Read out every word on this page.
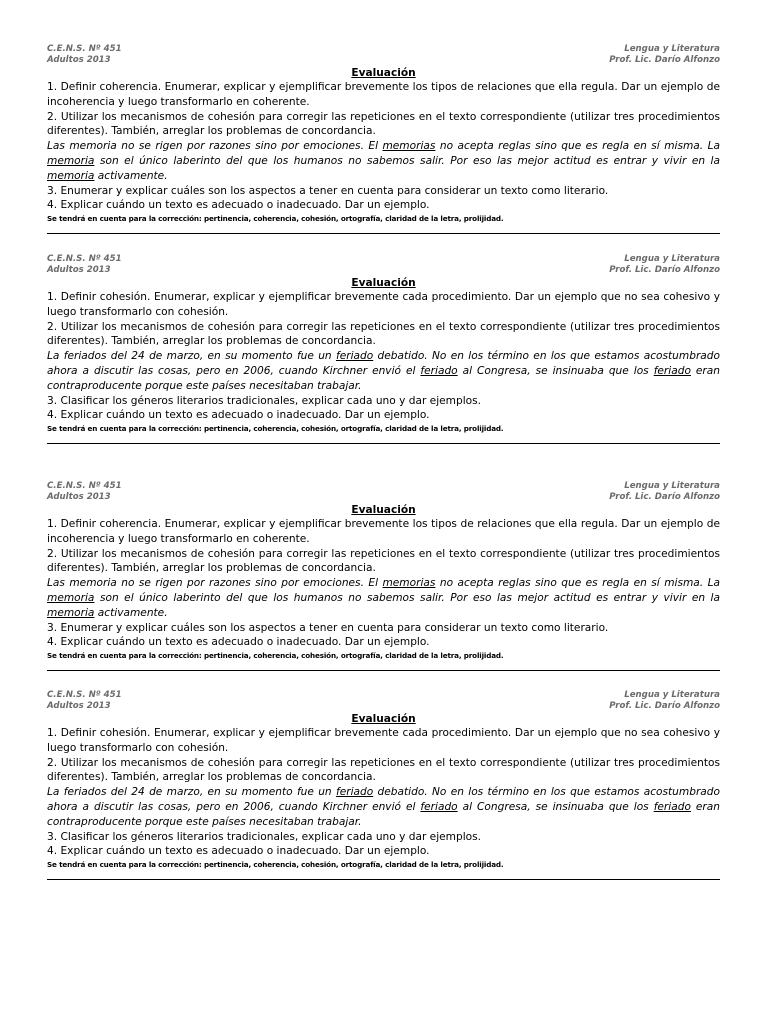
C.E.N.S. Nº 451
Adultos 2013
Lengua y Literatura
Prof. Lic. Darío Alfonzo
Evaluación

1. Definir coherencia. Enumerar, explicar y ejemplificar brevemente los tipos de relaciones que ella regula. Dar un ejemplo de incoherencia y luego transformarlo en coherente.

2. Utilizar los mecanismos de cohesión para corregir las repeticiones en el texto correspondiente (utilizar tres procedimientos diferentes). También, arreglar los problemas de concordancia.

Las memoria no se rigen por razones sino por emociones. El memorias no acepta reglas sino que es regla en sí misma. La memoria son el único laberinto del que los humanos no sabemos salir. Por eso las mejor actitud es entrar y vivir en la memoria activamente.

3. Enumerar y explicar cuáles son los aspectos a tener en cuenta para considerar un texto como literario.

4. Explicar cuándo un texto es adecuado o inadecuado. Dar un ejemplo.

Se tendrá en cuenta para la corrección: pertinencia, coherencia, cohesión, ortografía, claridad de la letra, prolijidad.
C.E.N.S. Nº 451
Adultos 2013
Lengua y Literatura
Prof. Lic. Darío Alfonzo
Evaluación

1. Definir cohesión. Enumerar, explicar y ejemplificar brevemente cada procedimiento. Dar un ejemplo que no sea cohesivo y luego transformarlo con cohesión.

2. Utilizar los mecanismos de cohesión para corregir las repeticiones en el texto correspondiente (utilizar tres procedimientos diferentes). También, arreglar los problemas de concordancia.

La feriados del 24 de marzo, en su momento fue un feriado debatido. No en los término en los que estamos acostumbrado ahora a discutir las cosas, pero en 2006, cuando Kirchner envió el feriado al Congresa, se insinuaba que los feriado eran contraproducente porque este países necesitaban trabajar.

3. Clasificar los géneros literarios tradicionales, explicar cada uno y dar ejemplos.

4. Explicar cuándo un texto es adecuado o inadecuado. Dar un ejemplo.

Se tendrá en cuenta para la corrección: pertinencia, coherencia, cohesión, ortografía, claridad de la letra, prolijidad.
C.E.N.S. Nº 451
Adultos 2013
Lengua y Literatura
Prof. Lic. Darío Alfonzo
Evaluación

1. Definir coherencia. Enumerar, explicar y ejemplificar brevemente los tipos de relaciones que ella regula. Dar un ejemplo de incoherencia y luego transformarlo en coherente.

2. Utilizar los mecanismos de cohesión para corregir las repeticiones en el texto correspondiente (utilizar tres procedimientos diferentes). También, arreglar los problemas de concordancia.

Las memoria no se rigen por razones sino por emociones. El memorias no acepta reglas sino que es regla en sí misma. La memoria son el único laberinto del que los humanos no sabemos salir. Por eso las mejor actitud es entrar y vivir en la memoria activamente.

3. Enumerar y explicar cuáles son los aspectos a tener en cuenta para considerar un texto como literario.

4. Explicar cuándo un texto es adecuado o inadecuado. Dar un ejemplo.

Se tendrá en cuenta para la corrección: pertinencia, coherencia, cohesión, ortografía, claridad de la letra, prolijidad.
C.E.N.S. Nº 451
Adultos 2013
Lengua y Literatura
Prof. Lic. Darío Alfonzo
Evaluación

1. Definir cohesión. Enumerar, explicar y ejemplificar brevemente cada procedimiento. Dar un ejemplo que no sea cohesivo y luego transformarlo con cohesión.

2. Utilizar los mecanismos de cohesión para corregir las repeticiones en el texto correspondiente (utilizar tres procedimientos diferentes). También, arreglar los problemas de concordancia.

La feriados del 24 de marzo, en su momento fue un feriado debatido. No en los término en los que estamos acostumbrado ahora a discutir las cosas, pero en 2006, cuando Kirchner envió el feriado al Congresa, se insinuaba que los feriado eran contraproducente porque este países necesitaban trabajar.

3. Clasificar los géneros literarios tradicionales, explicar cada uno y dar ejemplos.

4. Explicar cuándo un texto es adecuado o inadecuado. Dar un ejemplo.

Se tendrá en cuenta para la corrección: pertinencia, coherencia, cohesión, ortografía, claridad de la letra, prolijidad.
